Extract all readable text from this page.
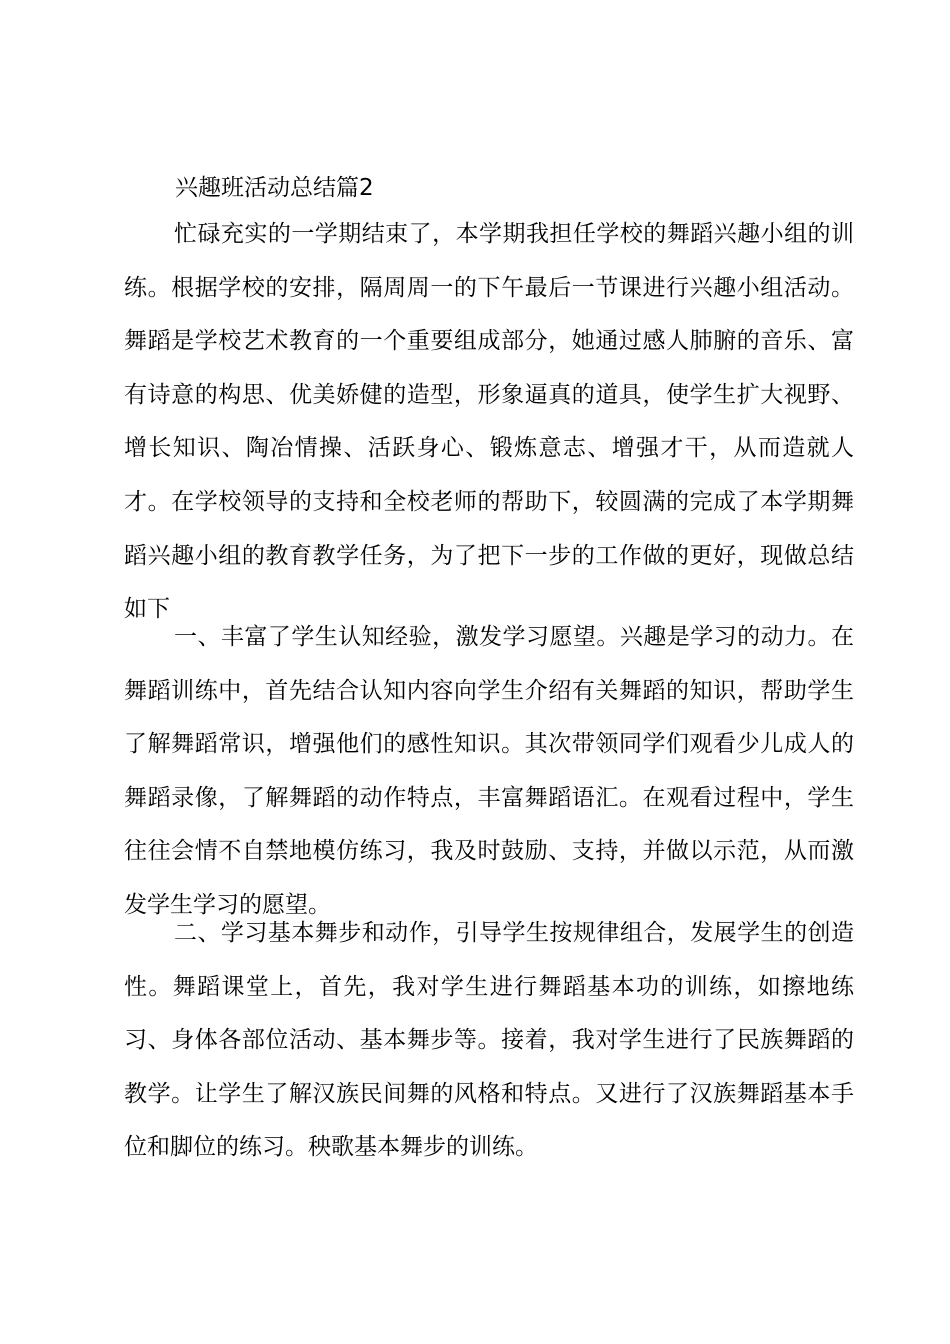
兴趣班活动总结篇2

忙碌充实的一学期结束了，本学期我担任学校的舞蹈兴趣小组的训练。根据学校的安排，隔周周一的下午最后一节课进行兴趣小组活动。舞蹈是学校艺术教育的一个重要组成部分，她通过感人肺腑的音乐、富有诗意的构思、优美娇健的造型，形象逼真的道具，使学生扩大视野、增长知识、陶冶情操、活跃身心、锻炼意志、增强才干，从而造就人才。在学校领导的支持和全校老师的帮助下，较圆满的完成了本学期舞蹈兴趣小组的教育教学任务，为了把下一步的工作做的更好，现做总结如下

一、丰富了学生认知经验，激发学习愿望。兴趣是学习的动力。在舞蹈训练中，首先结合认知内容向学生介绍有关舞蹈的知识，帮助学生了解舞蹈常识，增强他们的感性知识。其次带领同学们观看少儿成人的舞蹈录像，了解舞蹈的动作特点，丰富舞蹈语汇。在观看过程中，学生往往会情不自禁地模仿练习，我及时鼓励、支持，并做以示范，从而激发学生学习的愿望。

二、学习基本舞步和动作，引导学生按规律组合，发展学生的创造性。舞蹈课堂上，首先，我对学生进行舞蹈基本功的训练，如擦地练习、身体各部位活动、基本舞步等。接着，我对学生进行了民族舞蹈的教学。让学生了解汉族民间舞的风格和特点。又进行了汉族舞蹈基本手位和脚位的练习。秧歌基本舞步的训练。
